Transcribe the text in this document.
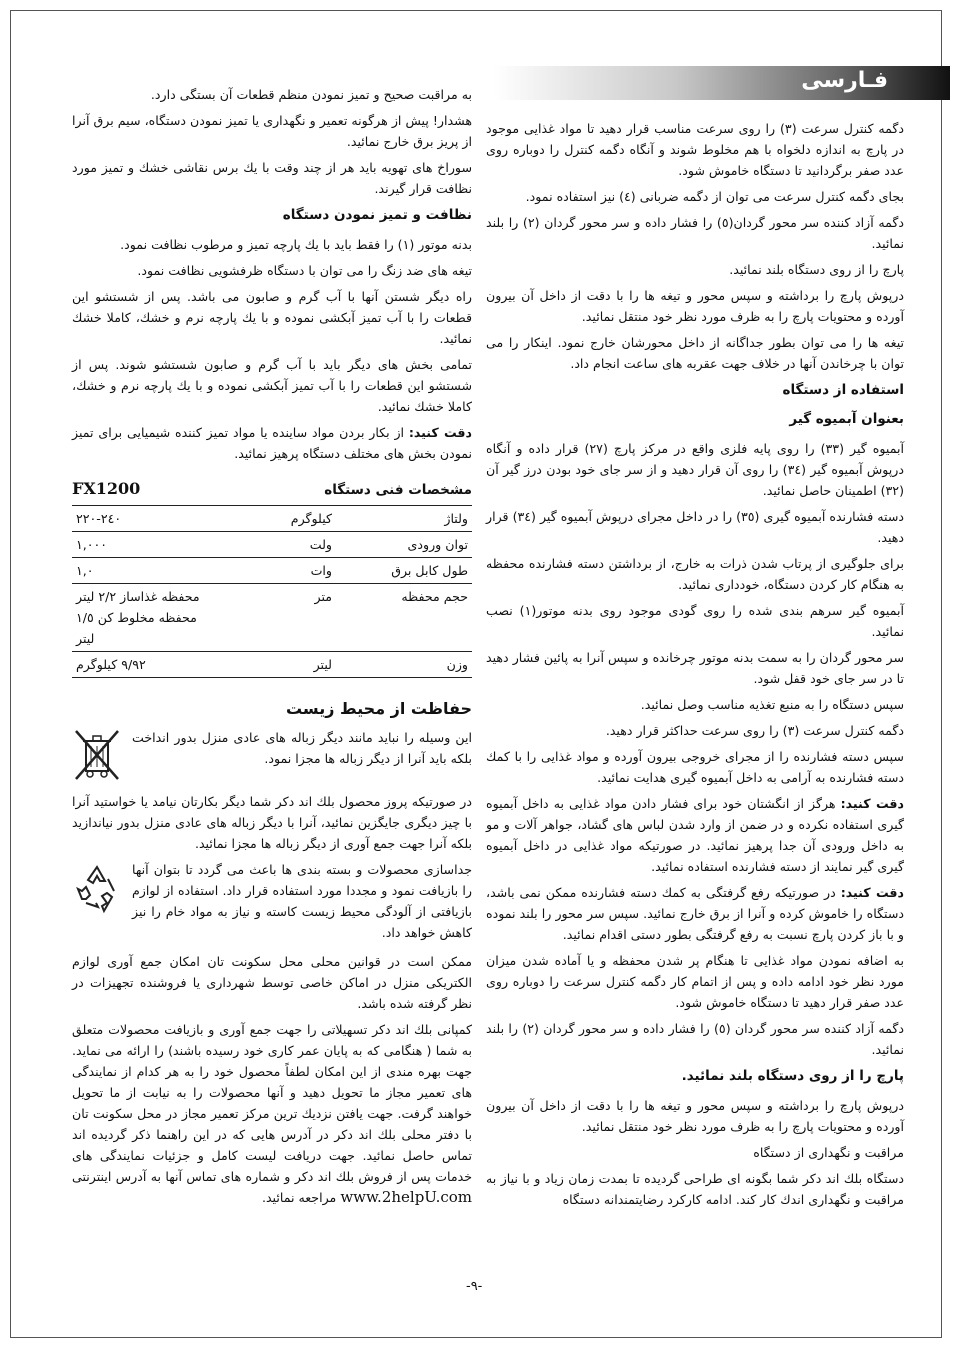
فـارسی

دگمه کنترل سرعت (۳) را روی سرعت مناسب قرار دهید تا مواد غذایی موجود در پارچ به اندازه دلخواه با هم مخلوط شوند و آنگاه دگمه کنترل را دوباره روی عدد صفر برگردانید تا دستگاه خاموش شود.

بجای دگمه کنترل سرعت می توان از دگمه ضربانی (٤) نیز استفاده نمود.

دگمه آزاد کننده سر محور گردان(٥) را فشار داده و سر محور گردان (۲) را بلند نمائید.

پارچ را از روی دستگاه بلند نمائید.

درپوش پارچ را برداشته و سپس محور و تیغه ها را با دقت از داخل آن بیرون آورده و محتویات پارچ را به ظرف مورد نظر خود منتقل نمائید.

تیغه ها را می توان بطور جداگانه از داخل محورشان خارج نمود. اینکار را می توان با چرخاندن آنها در خلاف جهت عقربه های ساعت انجام داد.

استفاده از دستگاه
بعنوان آبمیوه گیر

آبمیوه گیر (۳۳) را روی پایه فلزی واقع در مرکز پارچ (۲۷) قرار داده و آنگاه درپوش آبمیوه گیر (۳٤) را روی آن قرار دهید و از سر جای خود بودن درز گیر آن (۳۲) اطمینان حاصل نمائید.

دسته فشارنده آبمیوه گیری (۳٥) را در داخل مجرای درپوش آبمیوه گیر (۳٤) قرار دهید.

برای جلوگیری از پرتاب شدن ذرات به خارج، از برداشتن دسته فشارنده محفظه به هنگام کار کردن دستگاه، خودداری نمائید.

آبمیوه گیر سرهم بندی شده را روی گودی موجود روی بدنه موتور(۱) نصب نمائید.

سر محور گردان را به سمت بدنه موتور چرخانده و سپس آنرا به پائین فشار دهید تا در سر جای خود قفل شود.

سپس دستگاه را به منبع تغذیه مناسب وصل نمائید.

دگمه کنترل سرعت (۳) را روی سرعت حداکثر قرار دهید.

سپس دسته فشارنده را از مجرای خروجی بیرون آورده و مواد غذایی را با کمك دسته فشارنده به آرامی به داخل آبمیوه گیری هدایت نمائید.

دقت کنید: هرگز از انگشتان خود برای فشار دادن مواد غذایی به داخل آبمیوه گیری استفاده نکرده و در ضمن از وارد شدن لباس های گشاد، جواهر آلات و مو به داخل ورودی آن جدا پرهیز نمائید. در صورتیکه مواد غذایی در داخل آبمیوه گیری گیر نمایند از دسته فشارنده استفاده نمائید.

دقت کنید: در صورتیکه رفع گرفتگی به کمك دسته فشارنده ممکن نمی باشد، دستگاه را خاموش کرده و آنرا از برق خارج نمائید. سپس سر محور را بلند نموده و با باز کردن پارچ نسبت به رفع گرفتگی بطور دستی اقدام نمائید.

به اضافه نمودن مواد غذایی تا هنگام پر شدن محفظه و یا آماده شدن میزان مورد نظر خود ادامه داده و پس از اتمام کار دگمه کنترل سرعت را دوباره روی عدد صفر قرار دهید تا دستگاه خاموش شود.

دگمه آزاد کننده سر محور گردان (٥) را فشار داده و سر محور گردان (۲) را بلند نمائید.

پارچ را از روی دستگاه بلند نمائید.

درپوش پارچ را برداشته و سپس محور و تیغه ها را با دقت از داخل آن بیرون آورده و محتویات پارچ را به ظرف مورد نظر خود منتقل نمائید.

مراقبت و نگهداری از دستگاه

دستگاه بلك اند دکر شما بگونه ای طراحی گردیده تا بمدت زمان زیاد و با نیاز به مراقبت و نگهداری اندك کار کند. ادامه کارکرد رضایتمندانه دستگاه

به مراقبت صحیح و تمیز نمودن منظم قطعات آن بستگی دارد.

هشدار! پیش از هرگونه تعمیر و نگهداری یا تمیز نمودن دستگاه، سیم برق آنرا از پریز برق خارج نمائید.

سوراخ های تهویه باید هر از چند وقت با یك برس نقاشی خشك و تمیز مورد نظافت قرار گیرند.

نظافت و تمیز نمودن دستگاه

بدنه موتور (۱) را فقط باید با یك پارچه تمیز و مرطوب نظافت نمود.

تیغه های ضد زنگ را می توان با دستگاه ظرفشویی نظافت نمود.

راه دیگر شستن آنها با آب گرم و صابون می باشد. پس از شستشو این قطعات را با آب تمیز آبکشی نموده و با یك پارچه نرم و خشك، کاملا خشك نمائید.

تمامی بخش های دیگر باید با آب گرم و صابون شستشو شوند. پس از شستشو این قطعات را با آب تمیز آبکشی نموده و با یك پارچه نرم و خشك، کاملا خشك نمائید.

دقت کنید: از بکار بردن مواد ساینده یا مواد تمیز کننده شیمیایی برای تمیز نمودن بخش های مختلف دستگاه پرهیز نمائید.

مشخصات فنی دستگاه
FX1200
ولتاژ	کیلوگرم	۲۲۰-۲٤۰
توان ورودی	ولت	۱,۰۰۰
طول کابل برق	وات	۱,۰
حجم محفظه	متر	محفظه غذاساز ۲/۲ لیتر
محفظه مخلوط کن ۱/٥ لیتر
وزن	لیتر	۹/۹۲ کیلوگرم
حفاظت از محیط زیست
این وسیله را نباید مانند دیگر زباله های عادی منزل بدور انداخت بلکه باید آنرا از دیگر زباله ها مجزا نمود.

در صورتیکه پروز محصول بلك اند دکر شما دیگر بکارتان نیامد یا خواستید آنرا با چیز دیگری جایگزین نمائید، آنرا با دیگر زباله های عادی منزل بدور نیاندازید بلکه آنرا جهت جمع آوری از دیگر زباله ها مجزا نمائید.

جداسازی محصولات و بسته بندی ها باعث می گردد تا بتوان آنها را بازیافت نمود و مجددا مورد استفاده قرار داد. استفاده از لوازم بازیافتی از آلودگی محیط زیست کاسته و نیاز به مواد خام را نیز کاهش خواهد داد.

ممکن است در قوانین محلی محل سکونت تان امکان جمع آوری لوازم الکتریکی منزل در اماکن خاصی توسط شهرداری یا فروشنده تجهیزات در نظر گرفته شده باشد.

کمپانی بلك اند دکر تسهیلاتی را جهت جمع آوری و بازیافت محصولات متعلق به شما ( هنگامی که به پایان عمر کاری خود رسیده باشند) را ارائه می نماید. جهت بهره مندی از این امکان لطفاً محصول خود را به هر کدام از نمایندگی های تعمیر مجاز ما تحویل دهید و آنها محصولات را به نیابت از ما تحویل خواهند گرفت. جهت یافتن نزدیك ترین مرکز تعمیر مجاز در محل سکونت تان با دفتر محلی بلك اند دکر در آدرس هایی که در این راهنما ذکر گردیده اند تماس حاصل نمائید. جهت دریافت لیست کامل و جزئیات نمایندگی های خدمات پس از فروش بلك اند دکر و شماره های تماس آنها به آدرس اینترنتی www.2helpU.com مراجعه نمائید.

-۹-
